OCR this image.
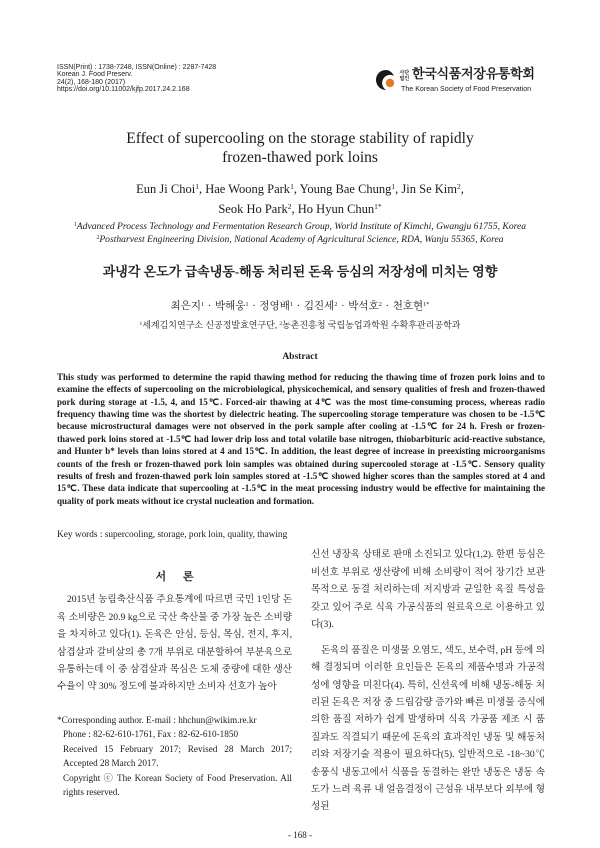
ISSN(Print) : 1738-7248, ISSN(Online) : 2287-7428
Korean J. Food Preserv.
24(2), 168-180 (2017)
https://doi.org/10.11002/kjfp.2017.24.2.168
사단
법인 한국식품저장유통학회
The Korean Society of Food Preservation
Effect of supercooling on the storage stability of rapidly
frozen-thawed pork loins
Eun Ji Choi$^1$, Hae Woong Park$^1$, Young Bae Chung$^1$, Jin Se Kim$^2$,
Seok Ho Park$^2$, Ho Hyun Chun$^{1*}$
$^1$Advanced Process Technology and Fermentation Research Group, World Institute of Kimchi, Gwangju 61755, Korea
$^2$Postharvest Engineering Division, National Academy of Agricultural Science, RDA, Wanju 55365, Korea
과냉각 온도가 급속냉동-해동 처리된 돈육 등심의 저장성에 미치는 영향
최은지$^1$ · 박해웅$^1$ · 정영배$^1$ · 김진세$^2$ · 박석호$^2$ · 천호현$^{1*}$
$^1$세계김치연구소 신공정발효연구단, $^2$농촌진흥청 국립농업과학원 수확후관리공학과
Abstract
This study was performed to determine the rapid thawing method for reducing the thawing time of frozen pork loins and to examine the effects of supercooling on the microbiological, physicochemical, and sensory qualities of fresh and frozen-thawed pork during storage at -1.5, 4, and 15℃. Forced-air thawing at 4℃ was the most time-consuming process, whereas radio frequency thawing time was the shortest by dielectric heating. The supercooling storage temperature was chosen to be -1.5℃ because microstructural damages were not observed in the pork sample after cooling at -1.5℃ for 24 h. Fresh or frozen-thawed pork loins stored at -1.5℃ had lower drip loss and total volatile base nitrogen, thiobarbituric acid-reactive substance, and Hunter b* levels than loins stored at 4 and 15℃. In addition, the least degree of increase in preexisting microorganisms counts of the fresh or frozen-thawed pork loin samples was obtained during supercooled storage at -1.5℃. Sensory quality results of fresh and frozen-thawed pork loin samples stored at -1.5℃ showed higher scores than the samples stored at 4 and 15℃. These data indicate that supercooling at -1.5℃ in the meat processing industry would be effective for maintaining the quality of pork meats without ice crystal nucleation and formation.
Key words : supercooling, storage, pork loin, quality, thawing
서 론

2015년 농림축산식품 주요통계에 따르면 국민 1인당 돈육 소비량은 20.9 kg으로 국산 축산물 중 가장 높은 소비량을 차지하고 있다(1). 돈육은 안심, 등심, 목심, 전지, 후지, 삼겹살과 갈비살의 총 7개 부위로 대분할하여 부분육으로 유통하는데 이 중 삼겹살과 목심은 도체 중량에 대한 생산 수율이 약 30% 정도에 불과하지만 소비자 선호가 높아

*Corresponding author. E-mail : hhchun@wikim.re.kr
Phone : 82-62-610-1761, Fax : 82-62-610-1850
Received 15 February 2017; Revised 28 March 2017; Accepted 28 March 2017.
Copyright ⓒ The Korean Society of Food Preservation. All rights reserved.

신선 냉장육 상태로 판매 소진되고 있다(1,2). 한편 등심은 비선호 부위로 생산량에 비해 소비량이 적어 장기간 보관 목적으로 동결 처리하는데 저지방과 균일한 육질 특성을 갖고 있어 주로 식육 가공식품의 원료육으로 이용하고 있다(3).

돈육의 품질은 미생물 오염도, 색도, 보수력, pH 등에 의해 결정되며 이러한 요인들은 돈육의 제품수명과 가공적성에 영향을 미친다(4). 특히, 신선육에 비해 냉동-해동 처리된 돈육은 저장 중 드립감량 증가와 빠른 미생물 증식에 의한 품질 저하가 쉽게 발생하며 식육 가공품 제조 시 품질과도 직결되기 때문에 돈육의 효과적인 냉동 및 해동처리와 저장기술 적용이 필요하다(5). 일반적으로 -18~30℃ 송풍식 냉동고에서 식품을 동결하는 완만 냉동은 냉동 속도가 느려 육류 내 얼음결정이 근섬유 내부보다 외부에 형성된

- 168 -
